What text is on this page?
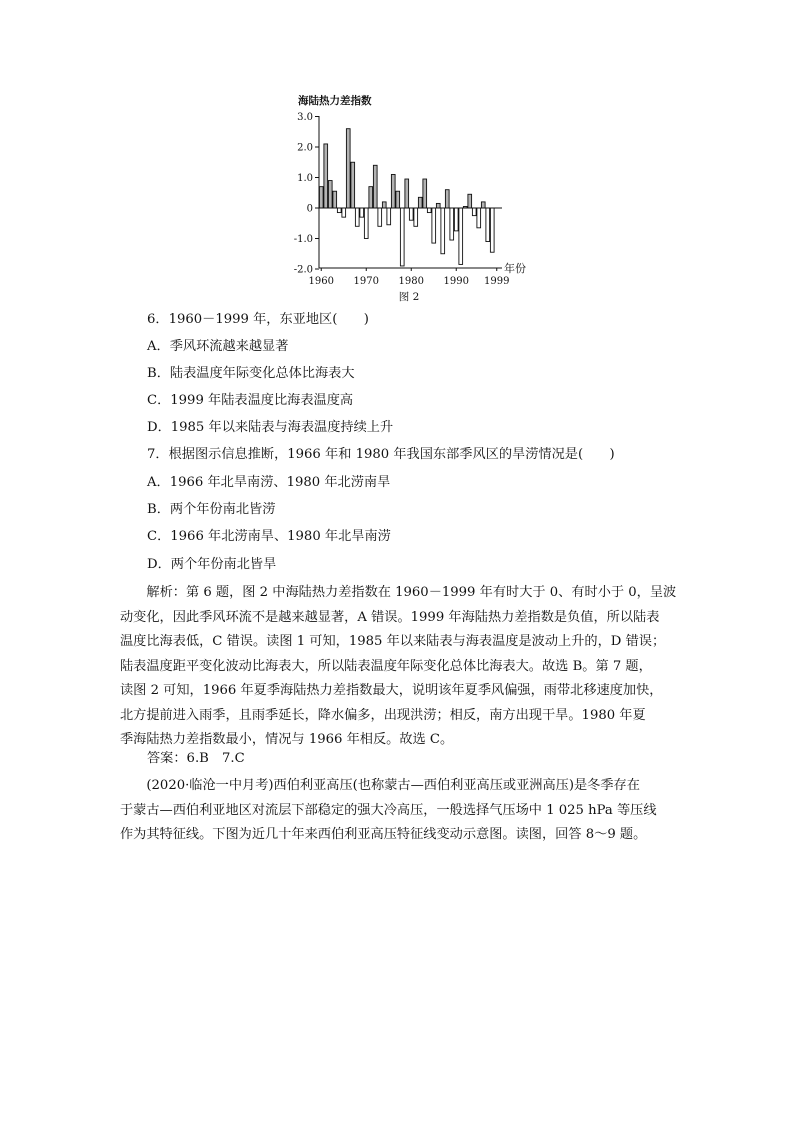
海陆热力差指数
3.0
2.0
1.0
0
-1.0
-2.0
1960 1970 1980 1990 1999
年份
图 2
6．1960－1999 年，东亚地区(　　)
A．季风环流越来越显著
B．陆表温度年际变化总体比海表大
C．1999 年陆表温度比海表温度高
D．1985 年以来陆表与海表温度持续上升
7．根据图示信息推断，1966 年和 1980 年我国东部季风区的旱涝情况是(　　)
A．1966 年北旱南涝、1980 年北涝南旱
B．两个年份南北皆涝
C．1966 年北涝南旱、1980 年北旱南涝
D．两个年份南北皆旱
解析：第 6 题，图 2 中海陆热力差指数在 1960－1999 年有时大于 0、有时小于 0，呈波
动变化，因此季风环流不是越来越显著，A 错误。1999 年海陆热力差指数是负值，所以陆表
温度比海表低，C 错误。读图 1 可知，1985 年以来陆表与海表温度是波动上升的，D 错误；
陆表温度距平变化波动比海表大，所以陆表温度年际变化总体比海表大。故选 B。第 7 题，
读图 2 可知，1966 年夏季海陆热力差指数最大，说明该年夏季风偏强，雨带北移速度加快，
北方提前进入雨季，且雨季延长，降水偏多，出现洪涝；相反，南方出现干旱。1980 年夏
季海陆热力差指数最小，情况与 1966 年相反。故选 C。
答案：6.B　7.C
(2020·临沧一中月考)西伯利亚高压(也称蒙古—西伯利亚高压或亚洲高压)是冬季存在
于蒙古—西伯利亚地区对流层下部稳定的强大冷高压，一般选择气压场中 1 025 hPa 等压线
作为其特征线。下图为近几十年来西伯利亚高压特征线变动示意图。读图，回答 8～9 题。
